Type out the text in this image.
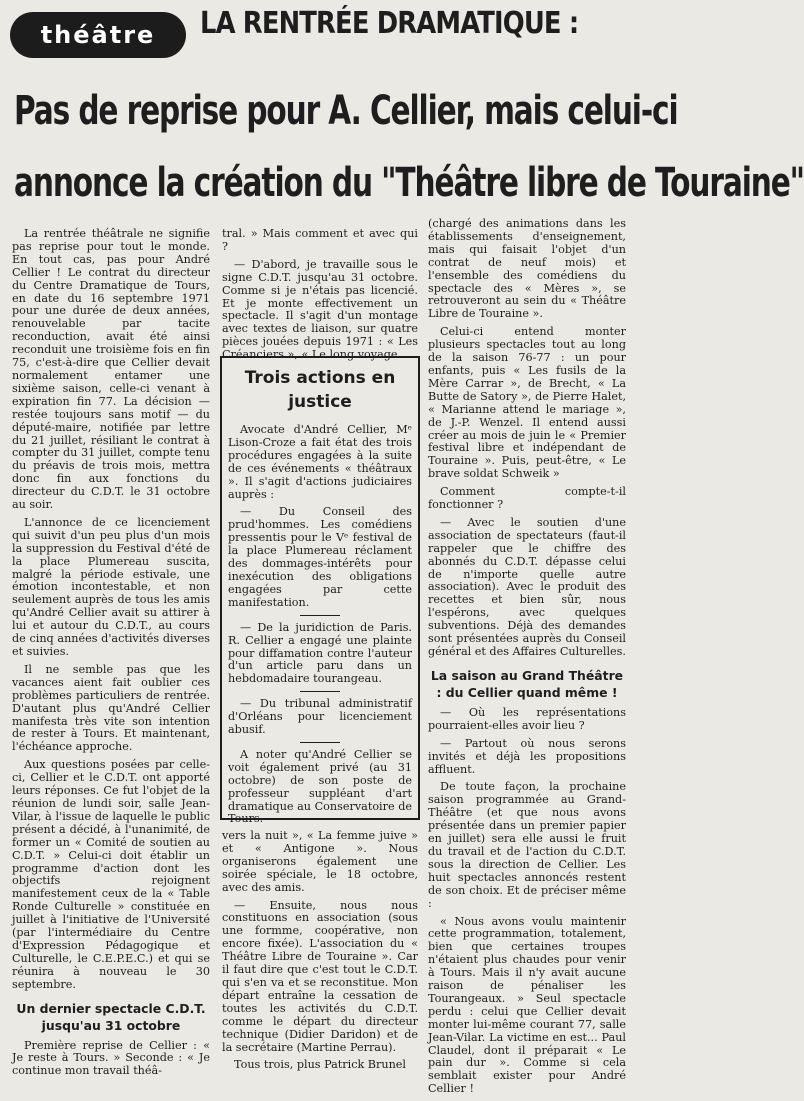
théâtre LA RENTRÉE DRAMATIQUE :
Pas de reprise pour A. Cellier, mais celui-ci
annonce la création du "Théâtre libre de Touraine"

La rentrée théâtrale ne signifie pas reprise pour tout le monde. En tout cas, pas pour André Cellier ! Le contrat du directeur du Centre Dramatique de Tours, en date du 16 septembre 1971 pour une durée de deux années, renouvelable par tacite reconduction, avait été ainsi reconduit une troisième fois en fin 75, c'est-à-dire que Cellier devait normalement entamer une sixième saison, celle-ci venant à expiration fin 77. La décision — restée toujours sans motif — du député-maire, notifiée par lettre du 21 juillet, résiliant le contrat à compter du 31 juillet, compte tenu du préavis de trois mois, mettra donc fin aux fonctions du directeur du C.D.T. le 31 octobre au soir.

L'annonce de ce licenciement qui suivit d'un peu plus d'un mois la suppression du Festival d'été de la place Plumereau suscita, malgré la période estivale, une émotion incontestable, et non seulement auprès de tous les amis qu'André Cellier avait su attirer à lui et autour du C.D.T., au cours de cinq années d'activités diverses et suivies.

Il ne semble pas que les vacances aient fait oublier ces problèmes particuliers de rentrée. D'autant plus qu'André Cellier manifesta très vite son intention de rester à Tours. Et maintenant, l'échéance approche.

Aux questions posées par celle-ci, Cellier et le C.D.T. ont apporté leurs réponses. Ce fut l'objet de la réunion de lundi soir, salle Jean-Vilar, à l'issue de laquelle le public présent a décidé, à l'unanimité, de former un « Comité de soutien au C.D.T. » Celui-ci doit établir un programme d'action dont les objectifs rejoignent manifestement ceux de la « Table Ronde Culturelle » constituée en juillet à l'initiative de l'Université (par l'intermédiaire du Centre d'Expression Pédagogique et Culturelle, le C.E.P.E.C.) et qui se réunira à nouveau le 30 septembre.

Un dernier spectacle C.D.T. jusqu'au 31 octobre

Première reprise de Cellier : « Je reste à Tours. » Seconde : « Je continue mon travail théâ-

tral. » Mais comment et avec qui ?

— D'abord, je travaille sous le signe C.D.T. jusqu'au 31 octobre. Comme si je n'étais pas licencié. Et je monte effectivement un spectacle. Il s'agit d'un montage avec textes de liaison, sur quatre pièces jouées depuis 1971 : « Les Créanciers », « Le long voyage

Trois actions en justice

Avocate d'André Cellier, Mᵉ Lison-Croze a fait état des trois procédures engagées à la suite de ces événements « théâtraux ». Il s'agit d'actions judiciaires auprès :

— Du Conseil des prud'hommes. Les comédiens pressentis pour le Vᵉ festival de la place Plumereau réclament des dommages-intérêts pour inexécution des obligations engagées par cette manifestation.

— De la juridiction de Paris. R. Cellier a engagé une plainte pour diffamation contre l'auteur d'un article paru dans un hebdomadaire tourangeau.

— Du tribunal administratif d'Orléans pour licenciement abusif.

A noter qu'André Cellier se voit également privé (au 31 octobre) de son poste de professeur suppléant d'art dramatique au Conservatoire de Tours.

vers la nuit », « La femme juive » et « Antigone ». Nous organiserons également une soirée spéciale, le 18 octobre, avec des amis.

— Ensuite, nous nous constituons en association (sous une formme, coopérative, non encore fixée). L'association du « Théâtre Libre de Touraine ». Car il faut dire que c'est tout le C.D.T. qui s'en va et se reconstitue. Mon départ entraîne la cessation de toutes les activités du C.D.T. comme le départ du directeur technique (Didier Daridon) et de la secrétaire (Martine Perrau).

Tous trois, plus Patrick Brunel

(chargé des animations dans les établissements d'enseignement, mais qui faisait l'objet d'un contrat de neuf mois) et l'ensemble des comédiens du spectacle des « Mères », se retrouveront au sein du « Théâtre Libre de Touraine ».

Celui-ci entend monter plusieurs spectacles tout au long de la saison 76-77 : un pour enfants, puis « Les fusils de la Mère Carrar », de Brecht, « La Butte de Satory », de Pierre Halet, « Marianne attend le mariage », de J.-P. Wenzel. Il entend aussi créer au mois de juin le « Premier festival libre et indépendant de Touraine ». Puis, peut-être, « Le brave soldat Schweik »

Comment compte-t-il fonctionner ?

— Avec le soutien d'une association de spectateurs (faut-il rappeler que le chiffre des abonnés du C.D.T. dépasse celui de n'importe quelle autre association). Avec le produit des recettes et bien sûr, nous l'espérons, avec quelques subventions. Déjà des demandes sont présentées auprès du Conseil général et des Affaires Culturelles.

La saison au Grand Théâtre : du Cellier quand même !

— Où les représentations pourraient-elles avoir lieu ?

— Partout où nous serons invités et déjà les propositions affluent.

De toute façon, la prochaine saison programmée au Grand-Théâtre (et que nous avons présentée dans un premier papier en juillet) sera elle aussi le fruit du travail et de l'action du C.D.T. sous la direction de Cellier. Les huit spectacles annoncés restent de son choix. Et de préciser même :

« Nous avons voulu maintenir cette programmation, totalement, bien que certaines troupes n'étaient plus chaudes pour venir à Tours. Mais il n'y avait aucune raison de pénaliser les Tourangeaux. » Seul spectacle perdu : celui que Cellier devait monter lui-même courant 77, salle Jean-Vilar. La victime en est... Paul Claudel, dont il préparait « Le pain dur ». Comme si cela semblait exister pour André Cellier !
